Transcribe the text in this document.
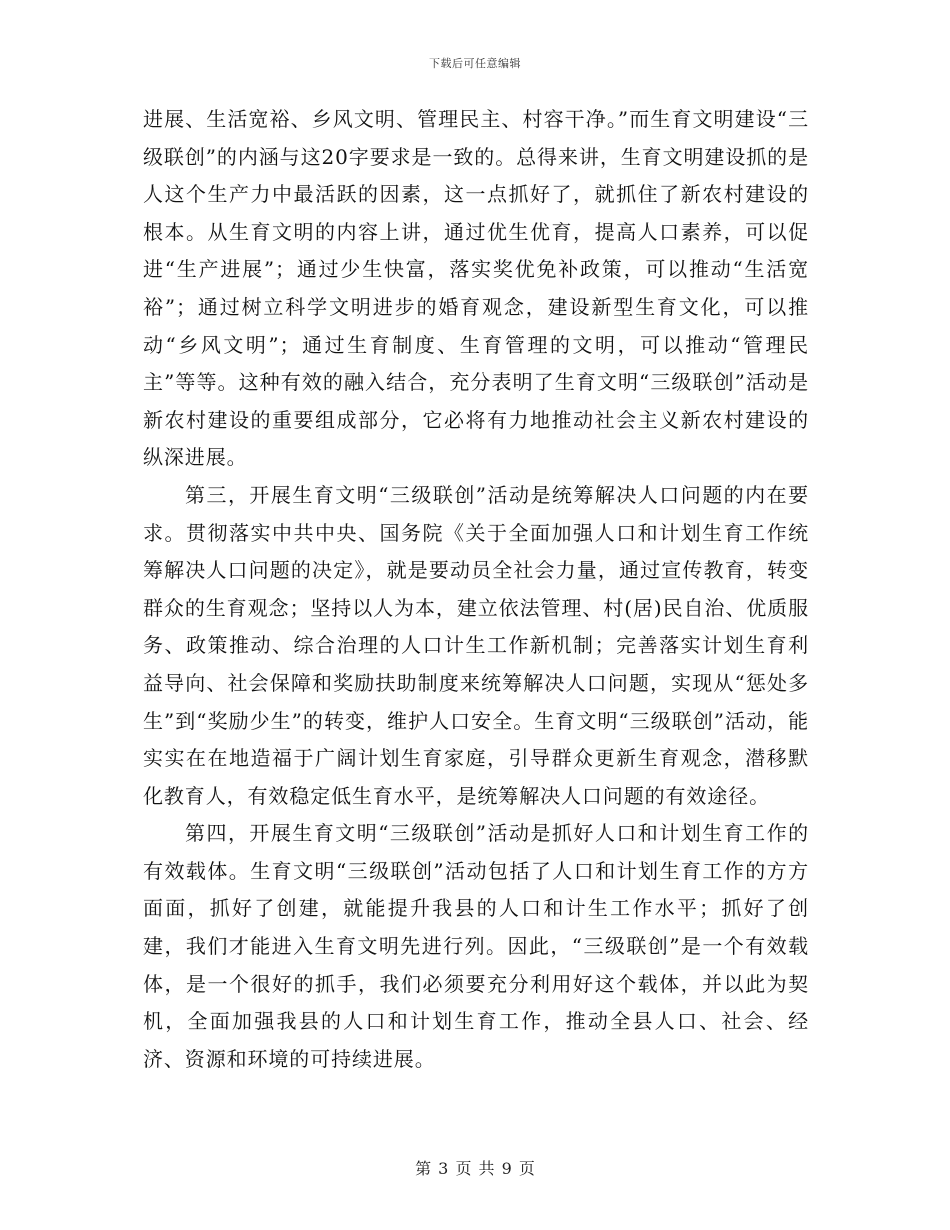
下载后可任意编辑

进展、生活宽裕、乡风文明、管理民主、村容干净。”而生育文明建设“三级联创”的内涵与这20字要求是一致的。总得来讲，生育文明建设抓的是人这个生产力中最活跃的因素，这一点抓好了，就抓住了新农村建设的根本。从生育文明的内容上讲，通过优生优育，提高人口素养，可以促进“生产进展”；通过少生快富，落实奖优免补政策，可以推动“生活宽裕”；通过树立科学文明进步的婚育观念，建设新型生育文化，可以推动“乡风文明”；通过生育制度、生育管理的文明，可以推动“管理民主”等等。这种有效的融入结合，充分表明了生育文明“三级联创”活动是新农村建设的重要组成部分，它必将有力地推动社会主义新农村建设的纵深进展。

第三，开展生育文明“三级联创”活动是统筹解决人口问题的内在要求。贯彻落实中共中央、国务院《关于全面加强人口和计划生育工作统筹解决人口问题的决定》，就是要动员全社会力量，通过宣传教育，转变群众的生育观念；坚持以人为本，建立依法管理、村(居)民自治、优质服务、政策推动、综合治理的人口计生工作新机制；完善落实计划生育利益导向、社会保障和奖励扶助制度来统筹解决人口问题，实现从“惩处多生”到“奖励少生”的转变，维护人口安全。生育文明“三级联创”活动，能实实在在地造福于广阔计划生育家庭，引导群众更新生育观念，潜移默化教育人，有效稳定低生育水平，是统筹解决人口问题的有效途径。

第四，开展生育文明“三级联创”活动是抓好人口和计划生育工作的有效载体。生育文明“三级联创”活动包括了人口和计划生育工作的方方面面，抓好了创建，就能提升我县的人口和计生工作水平；抓好了创建，我们才能进入生育文明先进行列。因此，“三级联创”是一个有效载体，是一个很好的抓手，我们必须要充分利用好这个载体，并以此为契机，全面加强我县的人口和计划生育工作，推动全县人口、社会、经济、资源和环境的可持续进展。

第 3 页 共 9 页
